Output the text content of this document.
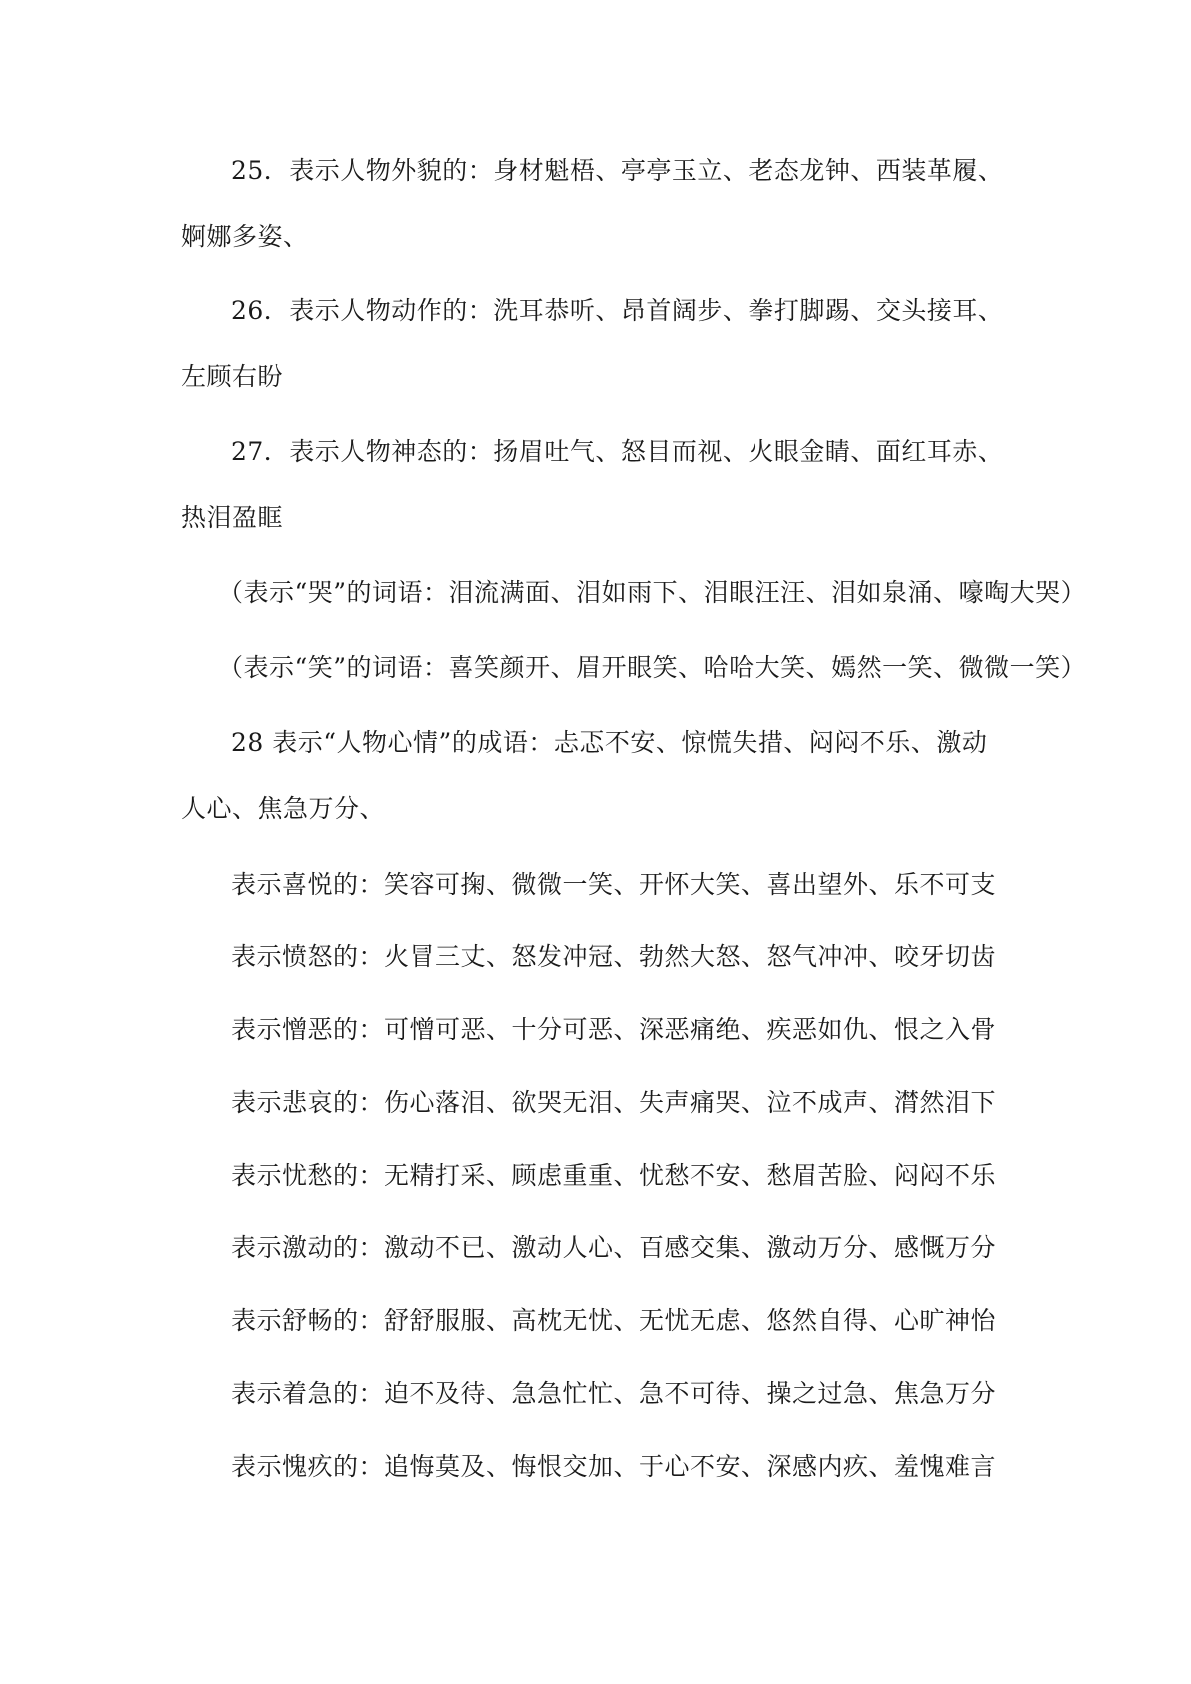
25．表示人物外貌的：身材魁梧、亭亭玉立、老态龙钟、西装革履、婀娜多姿、

26．表示人物动作的：洗耳恭听、昂首阔步、拳打脚踢、交头接耳、左顾右盼

27．表示人物神态的：扬眉吐气、怒目而视、火眼金睛、面红耳赤、热泪盈眶

（表示“哭”的词语：泪流满面、泪如雨下、泪眼汪汪、泪如泉涌、嚎啕大哭）
（表示“笑”的词语：喜笑颜开、眉开眼笑、哈哈大笑、嫣然一笑、微微一笑）

28 表示“人物心情”的成语：忐忑不安、惊慌失措、闷闷不乐、激动人心、焦急万分、

表示喜悦的：笑容可掬、微微一笑、开怀大笑、喜出望外、乐不可支
表示愤怒的：火冒三丈、怒发冲冠、勃然大怒、怒气冲冲、咬牙切齿
表示憎恶的：可憎可恶、十分可恶、深恶痛绝、疾恶如仇、恨之入骨
表示悲哀的：伤心落泪、欲哭无泪、失声痛哭、泣不成声、潸然泪下
表示忧愁的：无精打采、顾虑重重、忧愁不安、愁眉苦脸、闷闷不乐
表示激动的：激动不已、激动人心、百感交集、激动万分、感慨万分
表示舒畅的：舒舒服服、高枕无忧、无忧无虑、悠然自得、心旷神怡
表示着急的：迫不及待、急急忙忙、急不可待、操之过急、焦急万分
表示愧疚的：追悔莫及、悔恨交加、于心不安、深感内疚、羞愧难言
